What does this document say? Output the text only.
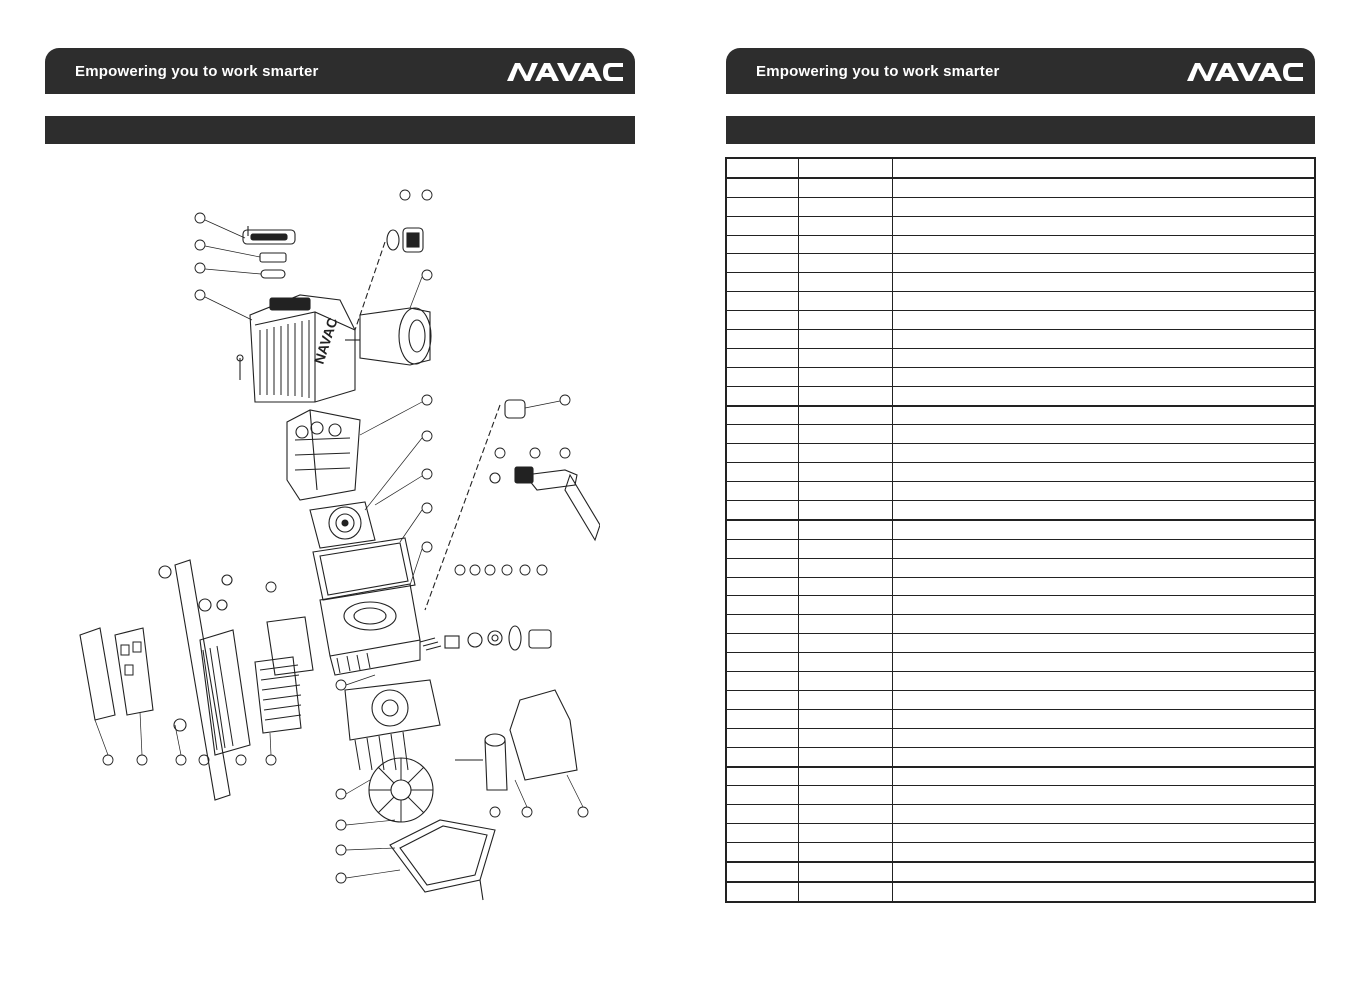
Empowering you to work smarter
NAVAC
Empowering you to work smarter
